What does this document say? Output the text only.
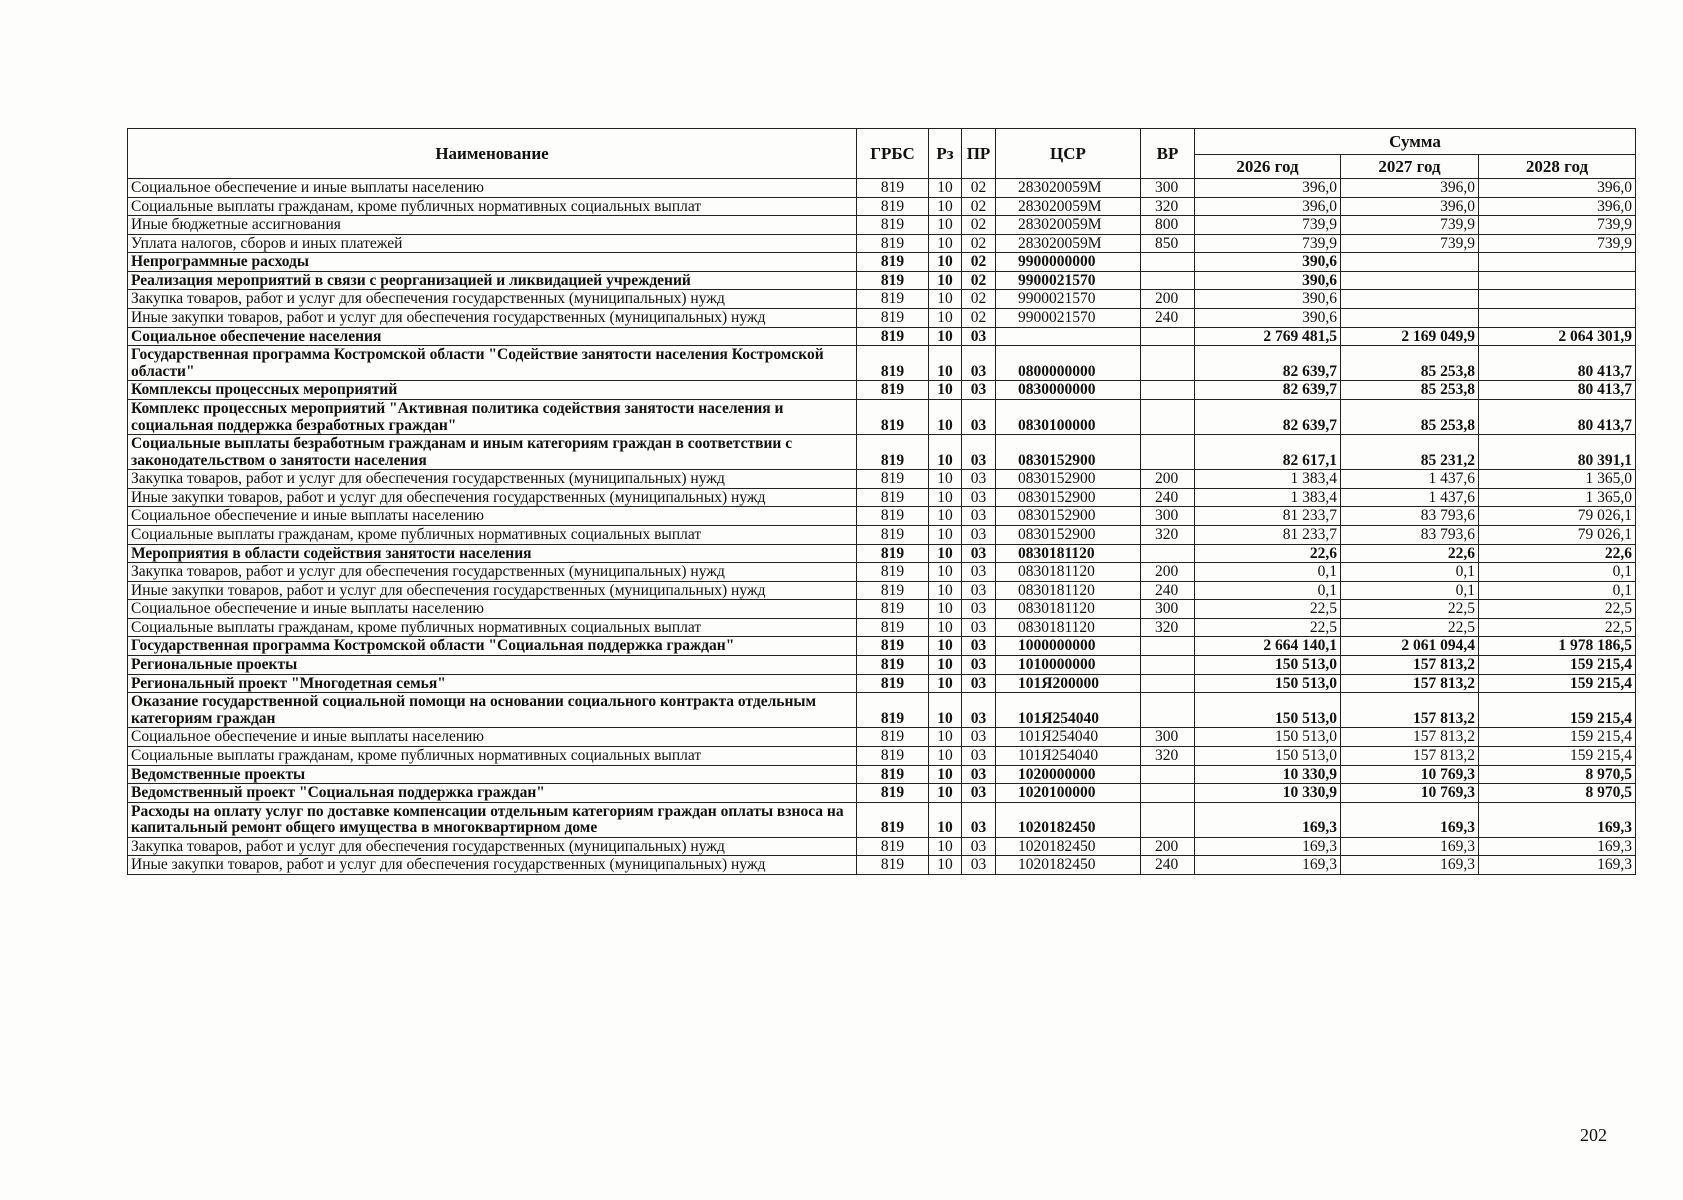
Наименование	ГРБС	Рз	ПР	ЦСР	ВР	Сумма		
						2026 год	2027 год	2028 год
Социальное обеспечение и иные выплаты населению	819	10	02	283020059М	300	396,0	396,0	396,0
Социальные выплаты гражданам, кроме публичных нормативных социальных выплат	819	10	02	283020059М	320	396,0	396,0	396,0
Иные бюджетные ассигнования	819	10	02	283020059М	800	739,9	739,9	739,9
Уплата налогов, сборов и иных платежей	819	10	02	283020059М	850	739,9	739,9	739,9
Непрограммные расходы	819	10	02	9900000000		390,6		
Реализация мероприятий в связи с реорганизацией и ликвидацией учреждений	819	10	02	9900021570		390,6		
Закупка товаров, работ и услуг для обеспечения государственных (муниципальных) нужд	819	10	02	9900021570	200	390,6		
Иные закупки товаров, работ и услуг для обеспечения государственных (муниципальных) нужд	819	10	02	9900021570	240	390,6		
Социальное обеспечение населения	819	10	03			2 769 481,5	2 169 049,9	2 064 301,9
Государственная программа Костромской области "Содействие занятости населения Костромской области"	819	10	03	0800000000		82 639,7	85 253,8	80 413,7
Комплексы процессных мероприятий	819	10	03	0830000000		82 639,7	85 253,8	80 413,7
Комплекс процессных мероприятий "Активная политика содействия занятости населения и социальная поддержка безработных граждан"	819	10	03	0830100000		82 639,7	85 253,8	80 413,7
Социальные выплаты безработным гражданам и иным категориям граждан в соответствии с законодательством о занятости населения	819	10	03	0830152900		82 617,1	85 231,2	80 391,1
Закупка товаров, работ и услуг для обеспечения государственных (муниципальных) нужд	819	10	03	0830152900	200	1 383,4	1 437,6	1 365,0
Иные закупки товаров, работ и услуг для обеспечения государственных (муниципальных) нужд	819	10	03	0830152900	240	1 383,4	1 437,6	1 365,0
Социальное обеспечение и иные выплаты населению	819	10	03	0830152900	300	81 233,7	83 793,6	79 026,1
Социальные выплаты гражданам, кроме публичных нормативных социальных выплат	819	10	03	0830152900	320	81 233,7	83 793,6	79 026,1
Мероприятия в области содействия занятости населения	819	10	03	0830181120		22,6	22,6	22,6
Закупка товаров, работ и услуг для обеспечения государственных (муниципальных) нужд	819	10	03	0830181120	200	0,1	0,1	0,1
Иные закупки товаров, работ и услуг для обеспечения государственных (муниципальных) нужд	819	10	03	0830181120	240	0,1	0,1	0,1
Социальное обеспечение и иные выплаты населению	819	10	03	0830181120	300	22,5	22,5	22,5
Социальные выплаты гражданам, кроме публичных нормативных социальных выплат	819	10	03	0830181120	320	22,5	22,5	22,5
Государственная программа Костромской области "Социальная поддержка граждан"	819	10	03	1000000000		2 664 140,1	2 061 094,4	1 978 186,5
Региональные проекты	819	10	03	1010000000		150 513,0	157 813,2	159 215,4
Региональный проект "Многодетная семья"	819	10	03	101Я200000		150 513,0	157 813,2	159 215,4
Оказание государственной социальной помощи на основании социального контракта отдельным категориям граждан	819	10	03	101Я254040		150 513,0	157 813,2	159 215,4
Социальное обеспечение и иные выплаты населению	819	10	03	101Я254040	300	150 513,0	157 813,2	159 215,4
Социальные выплаты гражданам, кроме публичных нормативных социальных выплат	819	10	03	101Я254040	320	150 513,0	157 813,2	159 215,4
Ведомственные проекты	819	10	03	1020000000		10 330,9	10 769,3	8 970,5
Ведомственный проект "Социальная поддержка граждан"	819	10	03	1020100000		10 330,9	10 769,3	8 970,5
Расходы на оплату услуг по доставке компенсации отдельным категориям граждан оплаты взноса на капитальный ремонт общего имущества в многоквартирном доме	819	10	03	1020182450		169,3	169,3	169,3
Закупка товаров, работ и услуг для обеспечения государственных (муниципальных) нужд	819	10	03	1020182450	200	169,3	169,3	169,3
Иные закупки товаров, работ и услуг для обеспечения государственных (муниципальных) нужд	819	10	03	1020182450	240	169,3	169,3	169,3
202
